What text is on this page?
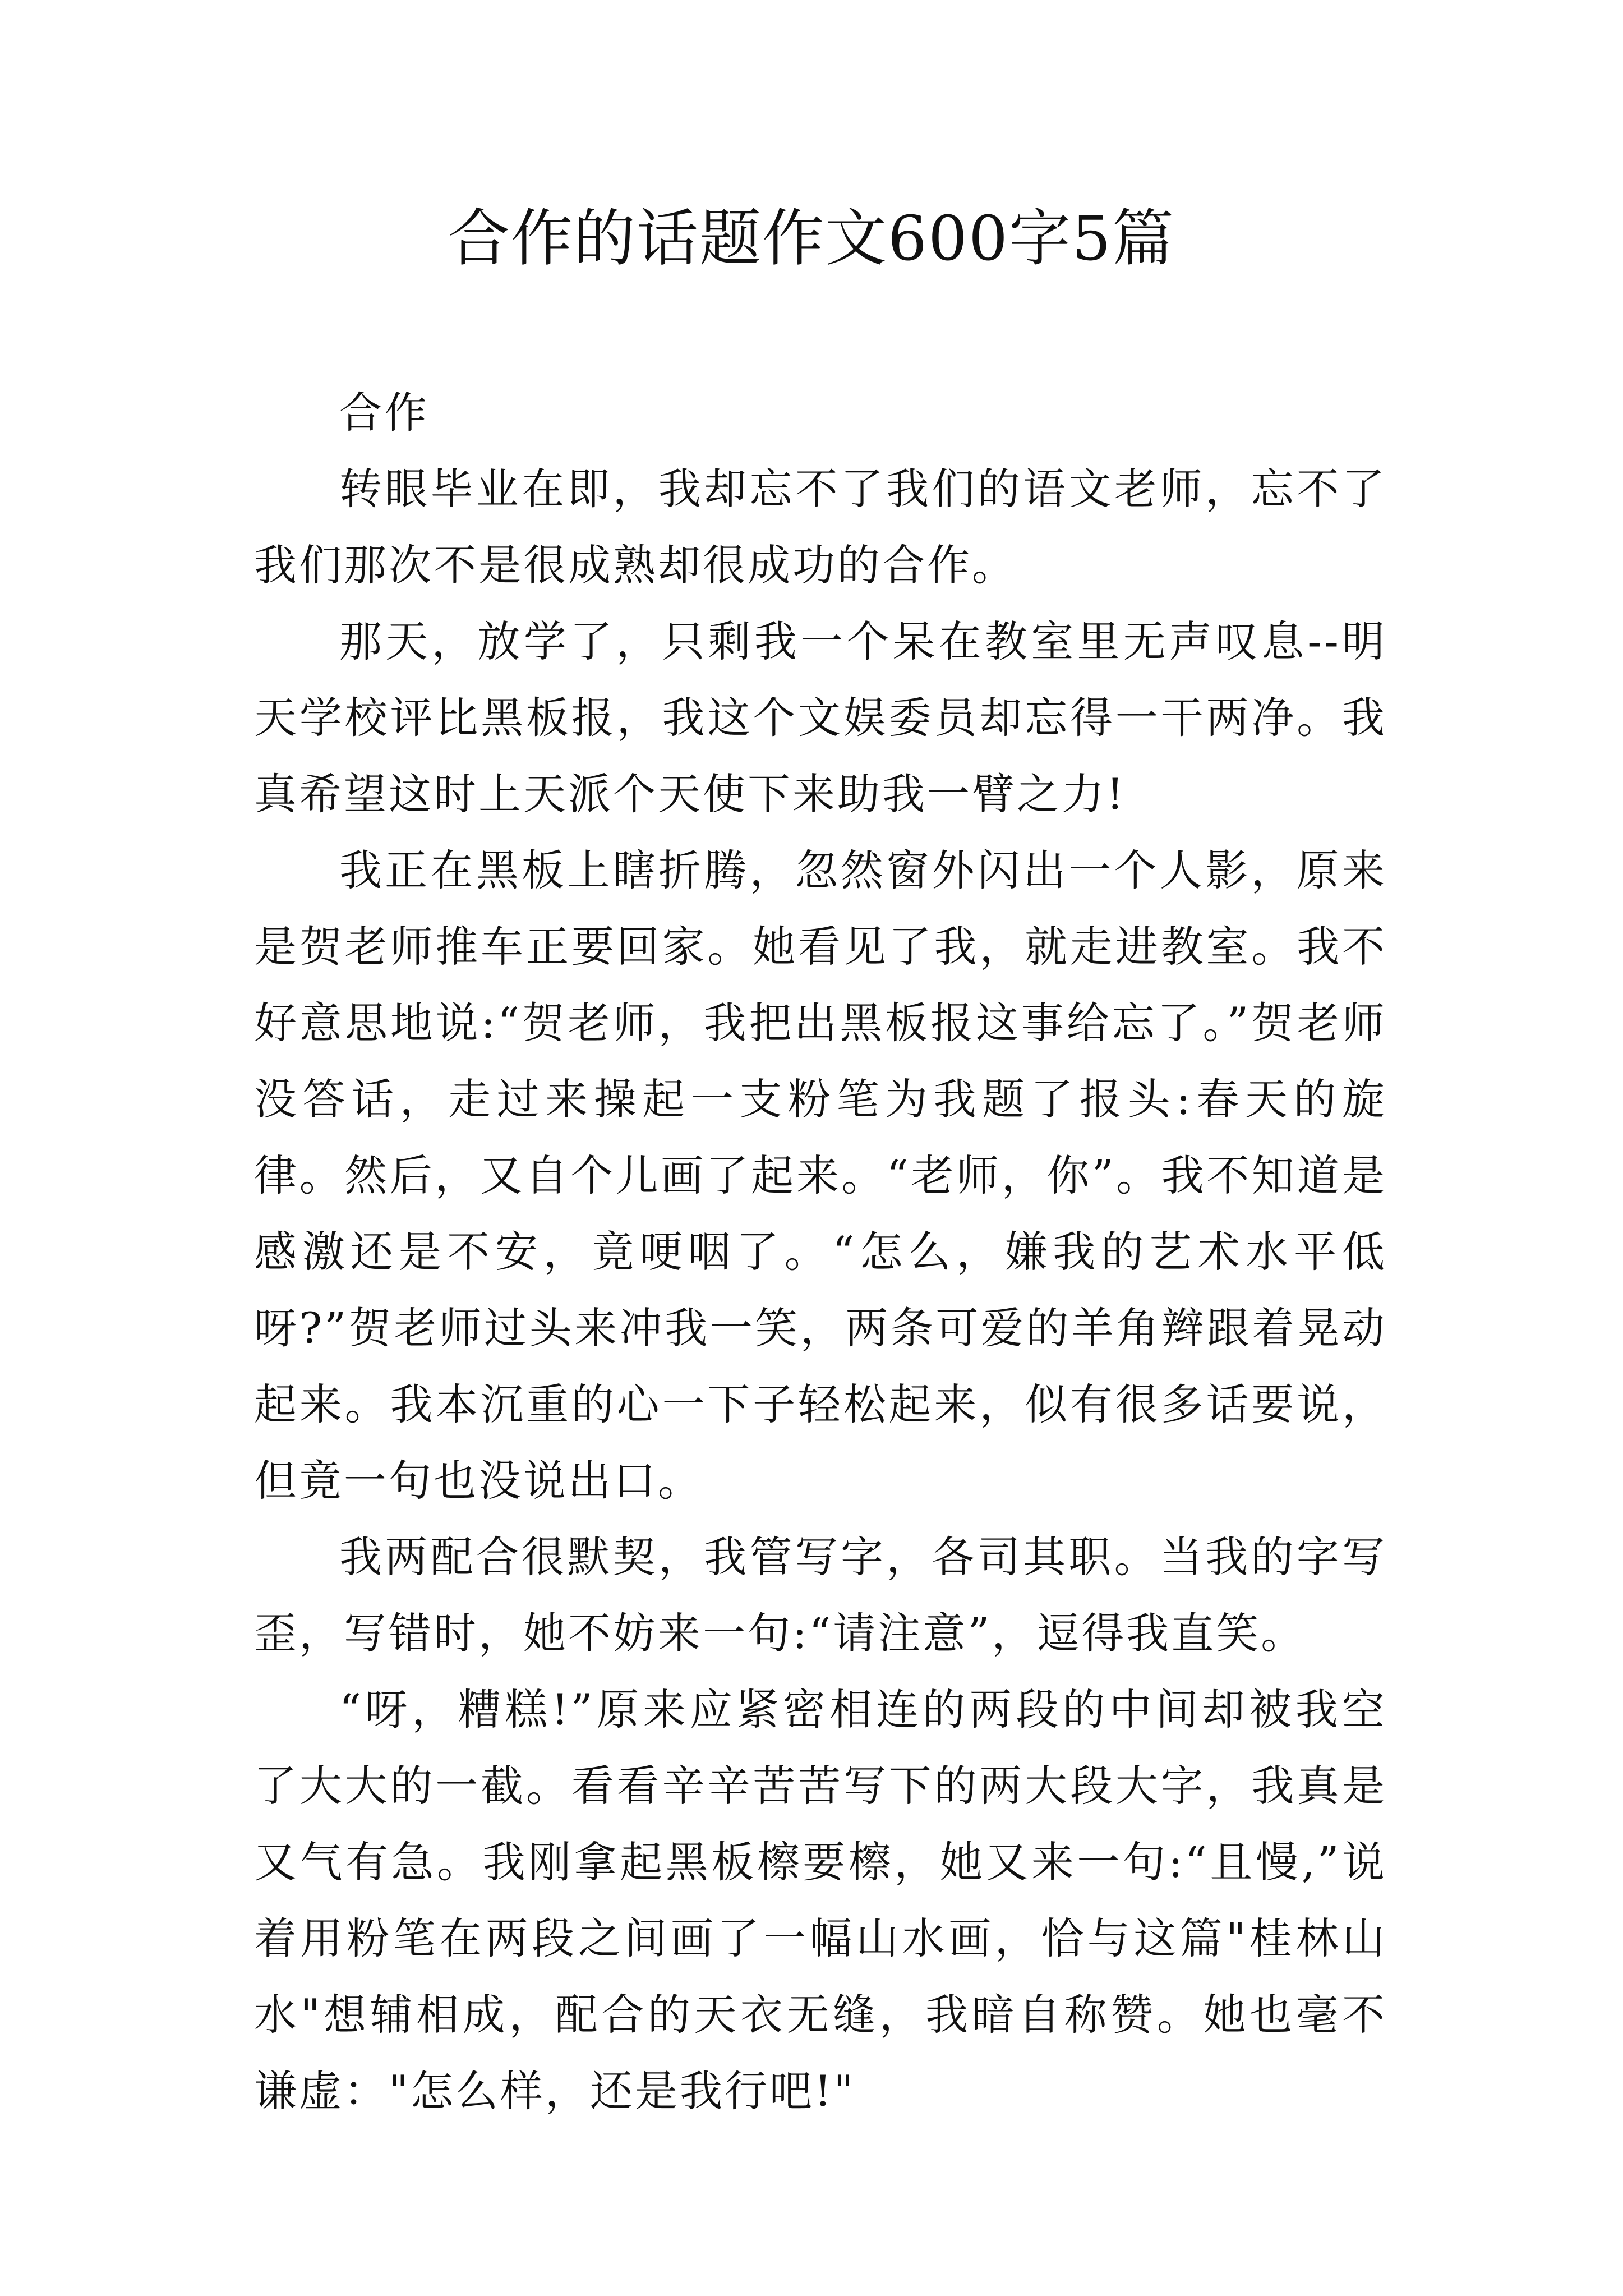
合作的话题作文600字5篇

合作

转眼毕业在即，我却忘不了我们的语文老师，忘不了我们那次不是很成熟却很成功的合作。

那天，放学了，只剩我一个呆在教室里无声叹息--明天学校评比黑板报，我这个文娱委员却忘得一干两净。我真希望这时上天派个天使下来助我一臂之力!

我正在黑板上瞎折腾，忽然窗外闪出一个人影，原来是贺老师推车正要回家。她看见了我，就走进教室。我不好意思地说:“贺老师，我把出黑板报这事给忘了。”贺老师没答话，走过来操起一支粉笔为我题了报头:春天的旋律。然后，又自个儿画了起来。“老师，你”。我不知道是感激还是不安，竟哽咽了。“怎么，嫌我的艺术水平低呀?”贺老师过头来冲我一笑，两条可爱的羊角辫跟着晃动起来。我本沉重的心一下子轻松起来，似有很多话要说，但竟一句也没说出口。

我两配合很默契，我管写字，各司其职。当我的字写歪，写错时，她不妨来一句:“请注意”，逗得我直笑。

“呀，糟糕!”原来应紧密相连的两段的中间却被我空了大大的一截。看看辛辛苦苦写下的两大段大字，我真是又气有急。我刚拿起黑板檫要檫，她又来一句:“且慢,”说着用粉笔在两段之间画了一幅山水画，恰与这篇"桂林山水"想辅相成，配合的天衣无缝，我暗自称赞。她也毫不谦虚："怎么样，还是我行吧!"
